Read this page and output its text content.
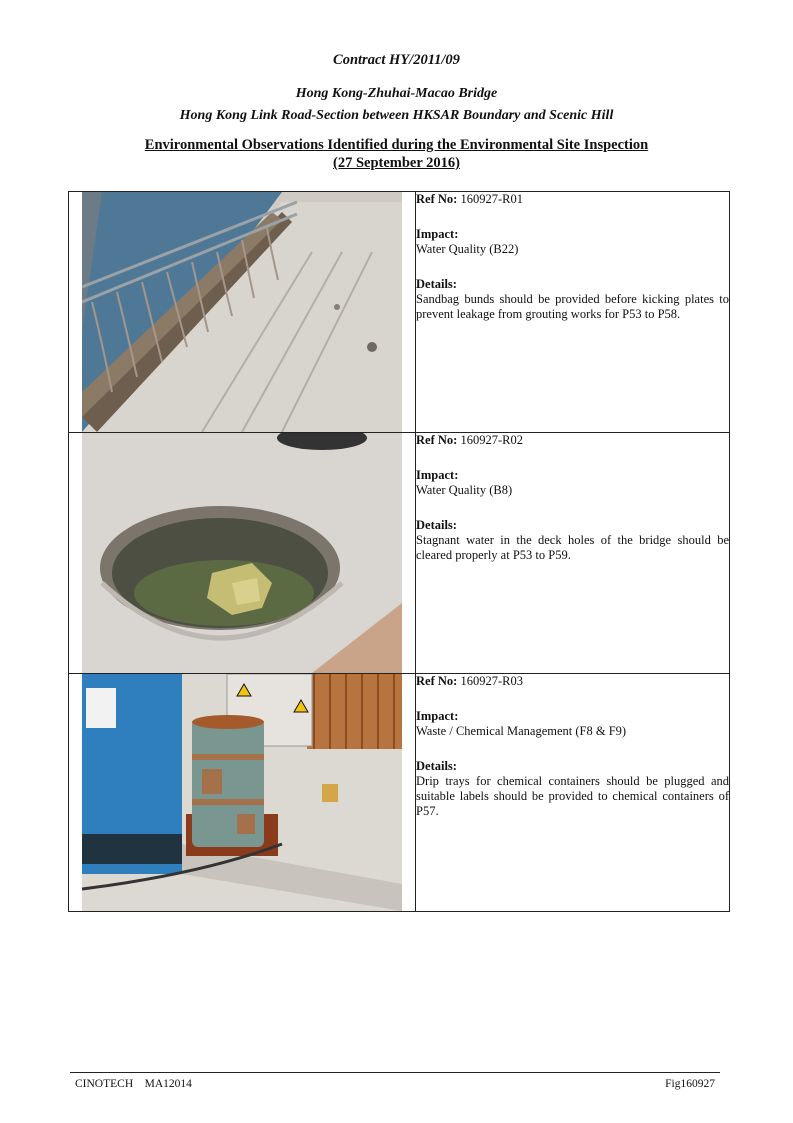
Contract HY/2011/09
Hong Kong-Zhuhai-Macao Bridge
Hong Kong Link Road-Section between HKSAR Boundary and Scenic Hill
Environmental Observations Identified during the Environmental Site Inspection
(27 September 2016)

Ref No: 160927-R01
Impact:
Water Quality (B22)
Details:
Sandbag bunds should be provided before kicking plates to prevent leakage from grouting works for P53 to P58.

Ref No: 160927-R02
Impact:
Water Quality (B8)
Details:
Stagnant water in the deck holes of the bridge should be cleared properly at P53 to P59.

Ref No: 160927-R03
Impact:
Waste / Chemical Management (F8 & F9)
Details:
Drip trays for chemical containers should be plugged and suitable labels should be provided to chemical containers of P57.
CINOTECH    MA12014	Fig160927
